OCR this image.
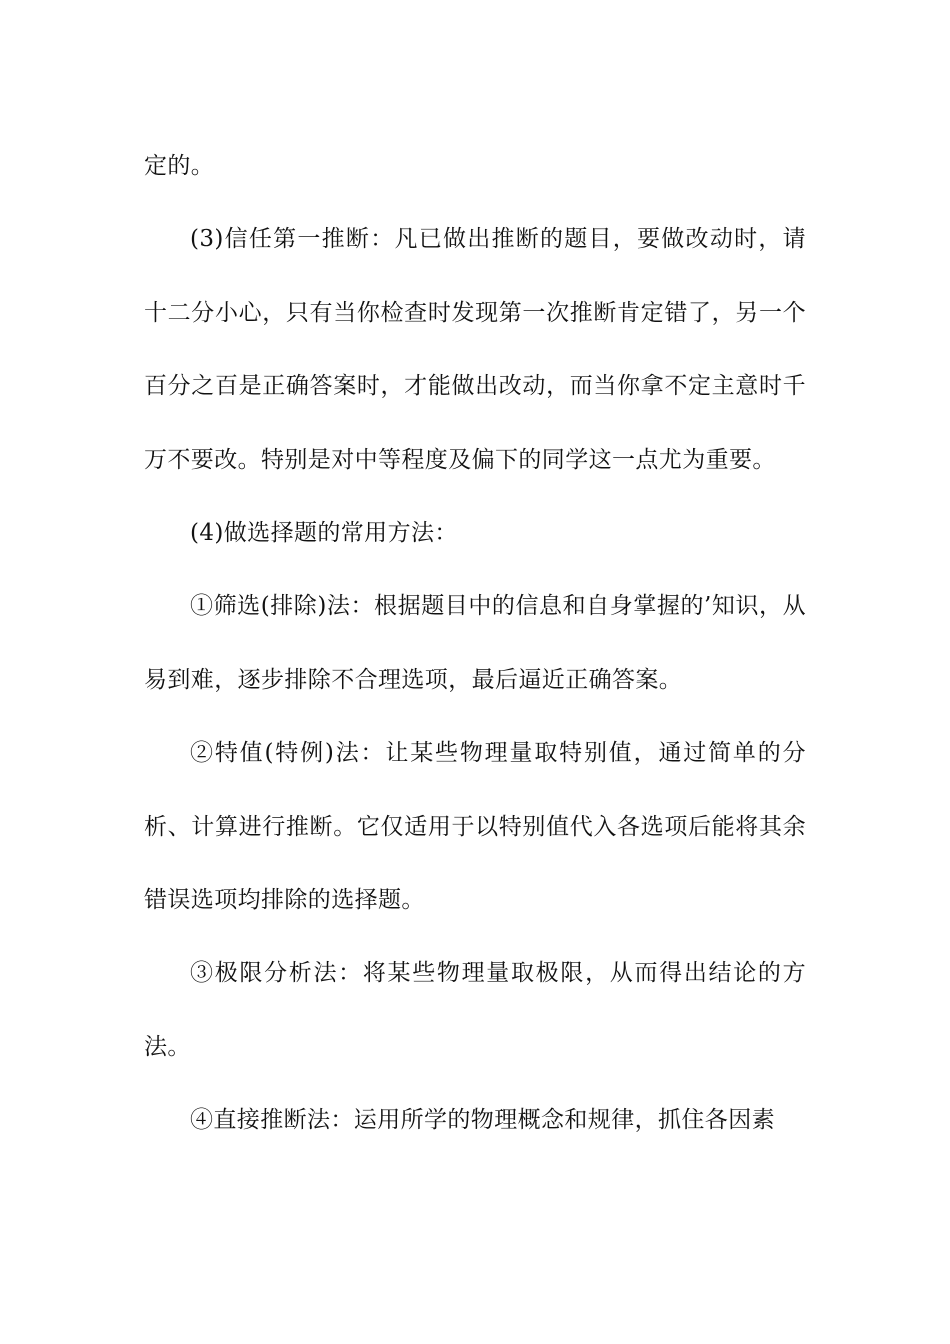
定的。

(3)信任第一推断：凡已做出推断的题目，要做改动时，请十二分小心，只有当你检查时发现第一次推断肯定错了，另一个百分之百是正确答案时，才能做出改动，而当你拿不定主意时千万不要改。特别是对中等程度及偏下的同学这一点尤为重要。

(4)做选择题的常用方法：

①筛选(排除)法：根据题目中的信息和自身掌握的’知识，从易到难，逐步排除不合理选项，最后逼近正确答案。

②特值(特例)法：让某些物理量取特别值，通过简单的分析、计算进行推断。它仅适用于以特别值代入各选项后能将其余错误选项均排除的选择题。

③极限分析法：将某些物理量取极限，从而得出结论的方法。

④直接推断法：运用所学的物理概念和规律，抓住各因素
